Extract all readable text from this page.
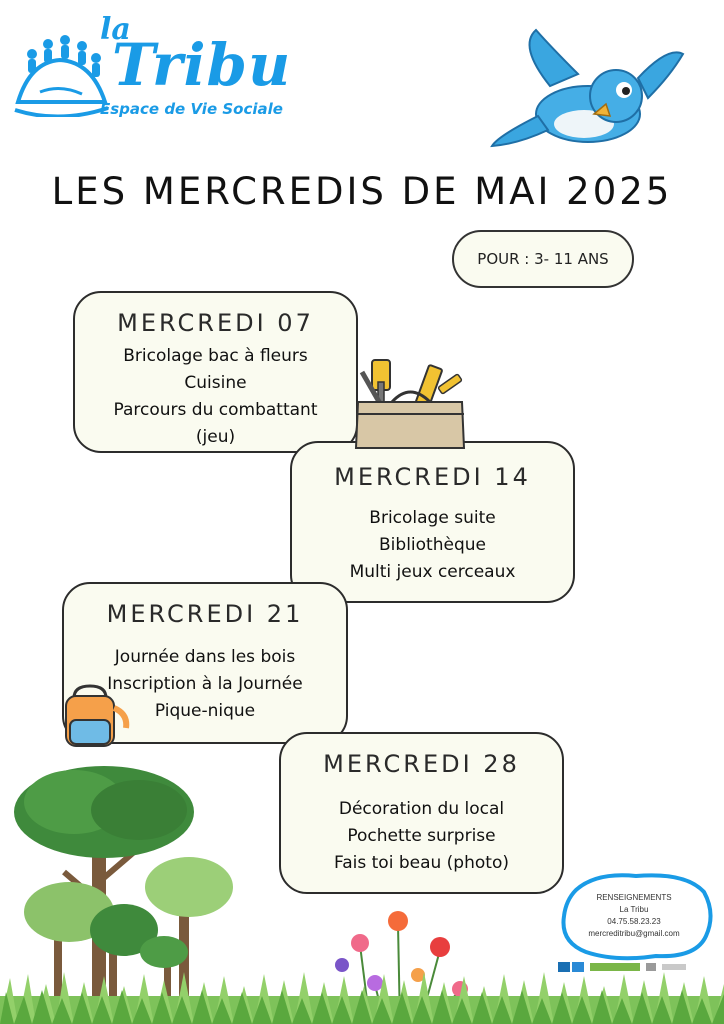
la
Tribu
Espace de Vie Sociale
LES MERCREDIS DE MAI 2025
POUR : 3- 11 ANS
MERCREDI 07
Bricolage bac à fleurs
Cuisine
Parcours du combattant
(jeu)
MERCREDI 14
Bricolage suite
Bibliothèque
Multi jeux cerceaux
MERCREDI 21
Journée dans les bois
Inscription à la Journée
Pique-nique
MERCREDI 28
Décoration du local
Pochette surprise
Fais toi beau (photo)
RENSEIGNEMENTS
La Tribu
04.75.58.23.23
mercreditribu@gmail.com
